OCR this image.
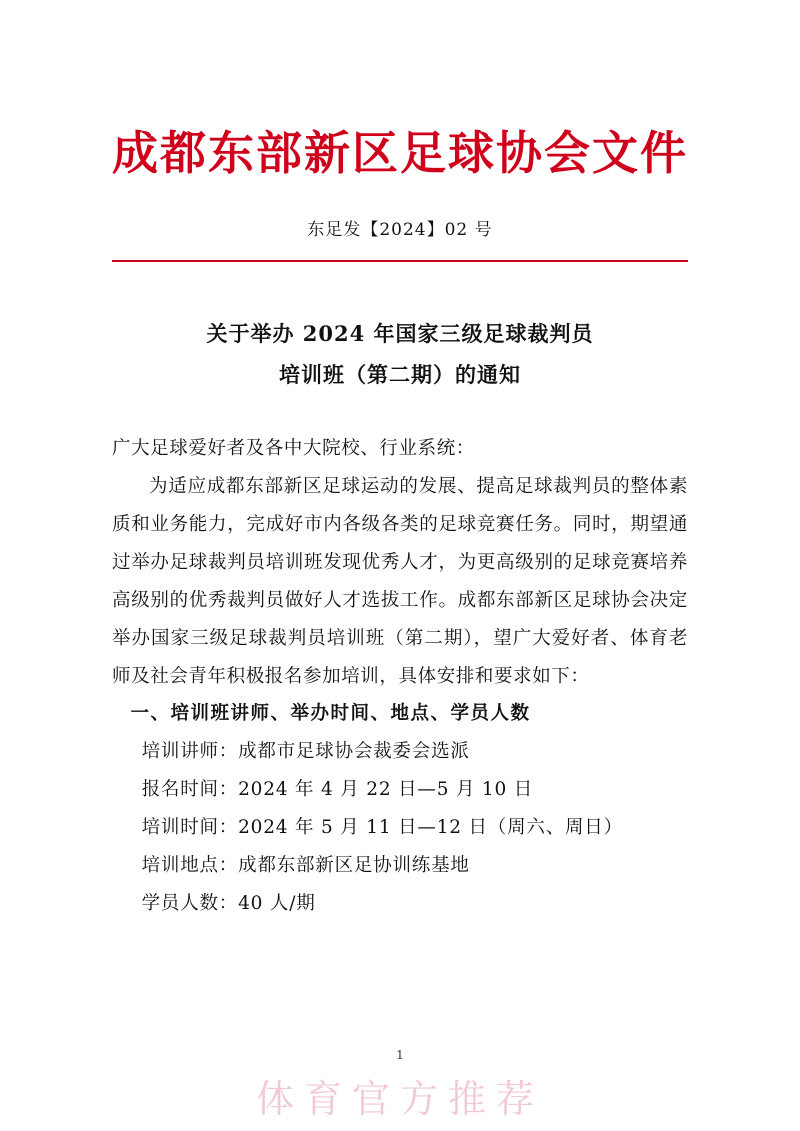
成都东部新区足球协会文件
东足发【2024】02 号
关于举办 2024 年国家三级足球裁判员
培训班（第二期）的通知

广大足球爱好者及各中大院校、行业系统：

为适应成都东部新区足球运动的发展、提高足球裁判员的整体素质和业务能力，完成好市内各级各类的足球竞赛任务。同时，期望通过举办足球裁判员培训班发现优秀人才，为更高级别的足球竞赛培养高级别的优秀裁判员做好人才选拔工作。成都东部新区足球协会决定举办国家三级足球裁判员培训班（第二期），望广大爱好者、体育老师及社会青年积极报名参加培训，具体安排和要求如下：

一、培训班讲师、举办时间、地点、学员人数

培训讲师：成都市足球协会裁委会选派

报名时间：2024 年 4 月 22 日—5 月 10 日

培训时间：2024 年 5 月 11 日—12 日（周六、周日）

培训地点：成都东部新区足协训练基地

学员人数：40 人/期

1
体育官方推荐
